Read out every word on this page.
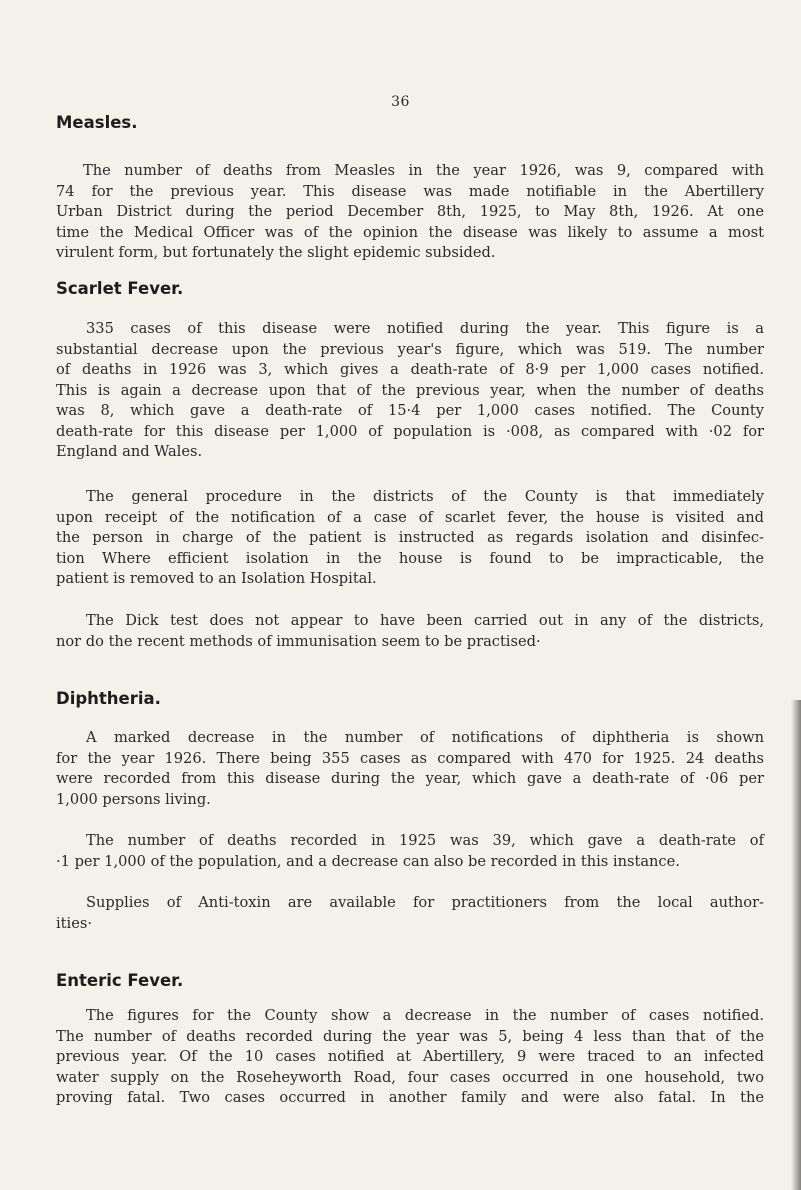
36
Measles.
The number of deaths from Measles in the year 1926, was 9, compared with
74 for the previous year. This disease was made notifiable in the Abertillery
Urban District during the period December 8th, 1925, to May 8th, 1926. At one
time the Medical Officer was of the opinion the disease was likely to assume a most
virulent form, but fortunately the slight epidemic subsided.
Scarlet Fever.
335 cases of this disease were notified during the year. This figure is a
substantial decrease upon the previous year's figure, which was 519. The number
of deaths in 1926 was 3, which gives a death-rate of 8·9 per 1,000 cases notified.
This is again a decrease upon that of the previous year, when the number of deaths
was 8, which gave a death-rate of 15·4 per 1,000 cases notified. The County
death-rate for this disease per 1,000 of population is ·008, as compared with ·02 for
England and Wales.
The general procedure in the districts of the County is that immediately
upon receipt of the notification of a case of scarlet fever, the house is visited and
the person in charge of the patient is instructed as regards isolation and disinfec-
tion Where efficient isolation in the house is found to be impracticable, the
patient is removed to an Isolation Hospital.
The Dick test does not appear to have been carried out in any of the districts,
nor do the recent methods of immunisation seem to be practised·
Diphtheria.
A marked decrease in the number of notifications of diphtheria is shown
for the year 1926. There being 355 cases as compared with 470 for 1925. 24 deaths
were recorded from this disease during the year, which gave a death-rate of ·06 per
1,000 persons living.
The number of deaths recorded in 1925 was 39, which gave a death-rate of
·1 per 1,000 of the population, and a decrease can also be recorded in this instance.
Supplies of Anti-toxin are available for practitioners from the local author-
ities·
Enteric Fever.
The figures for the County show a decrease in the number of cases notified.
The number of deaths recorded during the year was 5, being 4 less than that of the
previous year. Of the 10 cases notified at Abertillery, 9 were traced to an infected
water supply on the Roseheyworth Road, four cases occurred in one household, two
proving fatal. Two cases occurred in another family and were also fatal. In the
